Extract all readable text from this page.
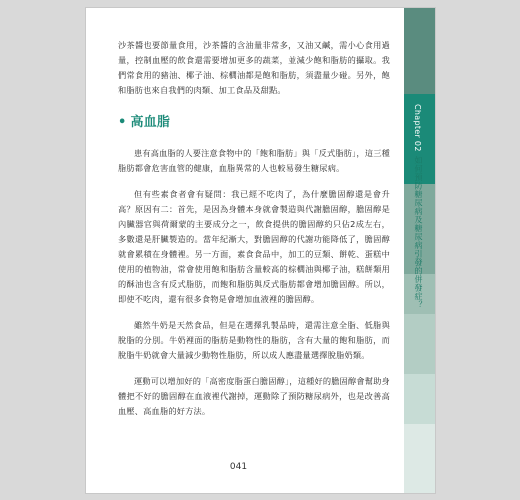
沙茶醬也要節量食用，沙茶醬的含油量非常多，又油又鹹，需小心食用過量，控制血壓的飲食還需要增加更多的蔬菜，並減少飽和脂肪的攝取。我們常食用的豬油、椰子油、棕櫚油都是飽和脂肪，須盡量少碰。另外，飽和脂肪也來自我們的肉類、加工食品及甜點。

• 高血脂

患有高血脂的人要注意食物中的「飽和脂肪」與「反式脂肪」，這三種脂肪都會危害血管的健康，血脂異常的人也較易發生糖尿病。

但有些素食者會有疑問：我已經不吃肉了，為什麼膽固醇還是會升高？原因有二：首先，是因為身體本身就會製造與代謝膽固醇，膽固醇是內臟器官與荷爾蒙的主要成分之一，飲食提供的膽固醇約只佔2成左右，多數還是肝臟製造的。當年紀漸大，對膽固醇的代謝功能降低了，膽固醇就會累積在身體裡。另一方面，素食食品中，加工的豆類、餅乾、蛋糕中使用的植物油，常會使用飽和脂肪含量較高的棕櫚油與椰子油，糕餅類用的酥油也含有反式脂肪，而飽和脂肪與反式脂肪都會增加膽固醇。所以，即使不吃肉，還有很多食物是會增加血液裡的膽固醇。

雖然牛奶是天然食品，但是在選擇乳製品時，還需注意全脂、低脂與脫脂的分別。牛奶裡面的脂肪是動物性的脂肪，含有大量的飽和脂肪，而脫脂牛奶就會大量減少動物性脂肪，所以成人應盡量選擇脫脂奶類。

運動可以增加好的「高密度脂蛋白膽固醇」，這種好的膽固醇會幫助身體把不好的膽固醇在血液裡代謝掉，運動除了預防糖尿病外，也是改善高血壓、高血脂的好方法。

041
Chapter 02
如何預防糖尿病及糖尿病引發的併發症？
